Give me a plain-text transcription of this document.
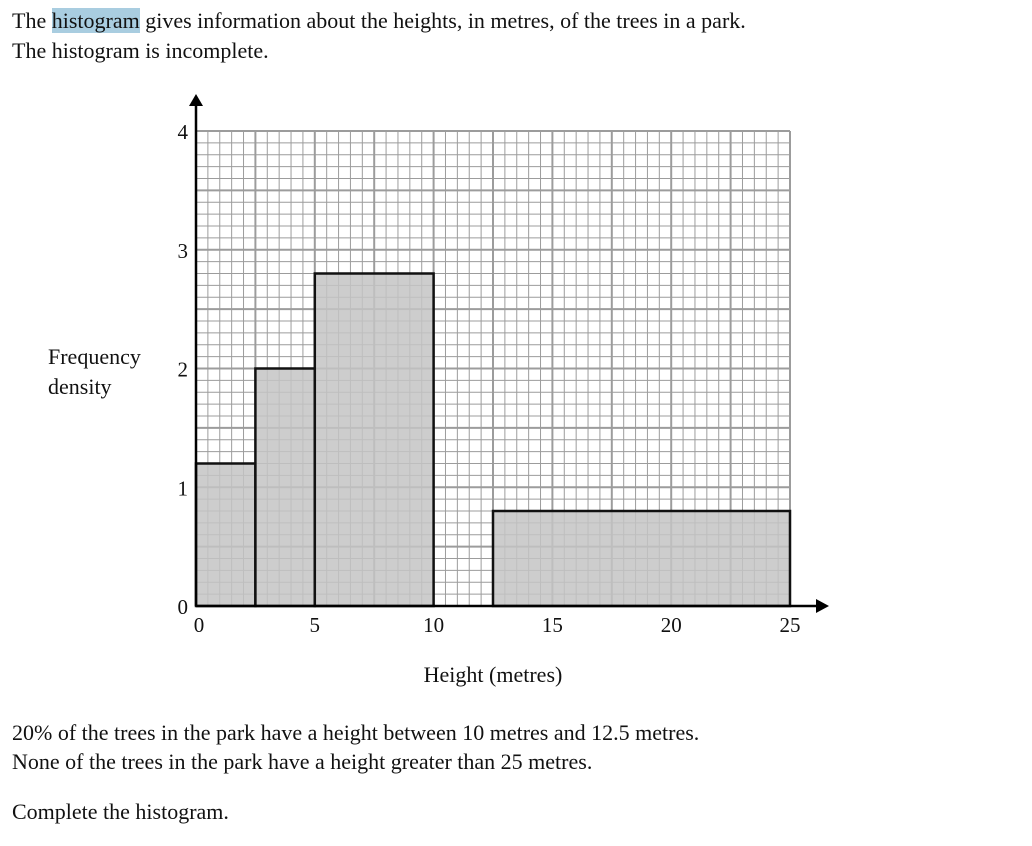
The histogram gives information about the heights, in metres, of the trees in a park.

The histogram is incomplete.

0	5	10	15	20	25
0
1
2
3
4
Frequency
density
Height (metres)

20% of the trees in the park have a height between 10 metres and 12.5 metres.

None of the trees in the park have a height greater than 25 metres.

Complete the histogram.
